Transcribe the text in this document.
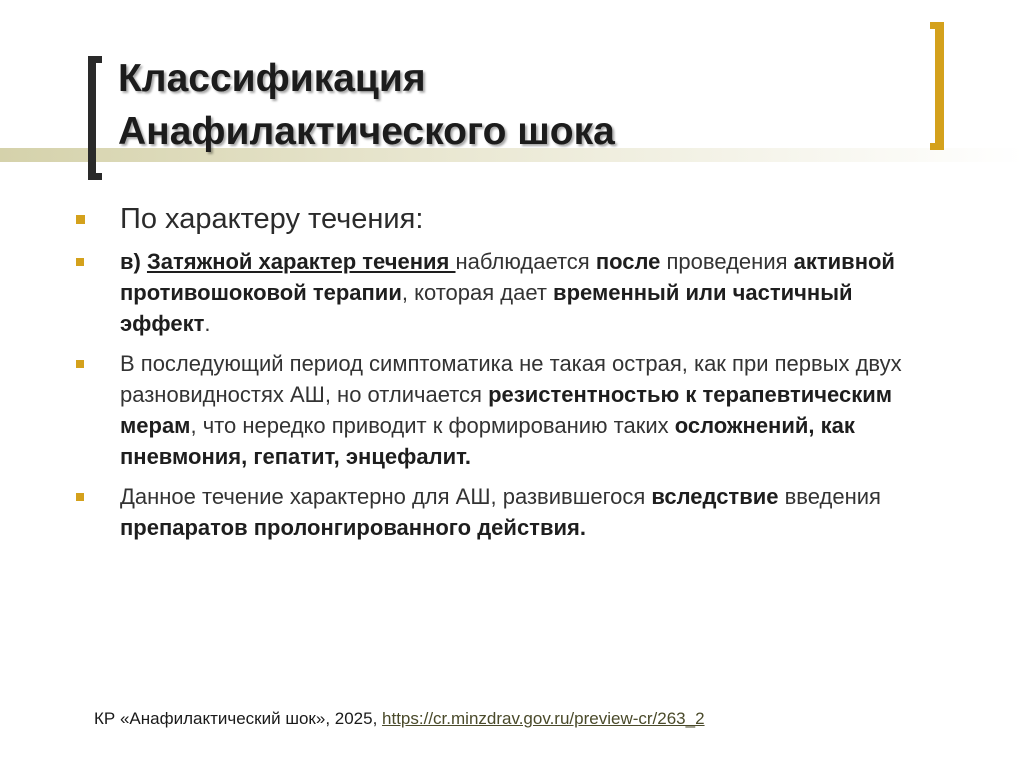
Классификация
Анафилактического шока
По характеру течения:
в) Затяжной характер течения наблюдается после проведения активной противошоковой терапии, которая дает временный или частичный эффект.
В последующий период симптоматика не такая острая, как при первых двух разновидностях АШ, но отличается резистентностью к терапевтическим мерам, что нередко приводит к формированию таких осложнений, как пневмония, гепатит, энцефалит.
Данное течение характерно для АШ, развившегося вследствие введения препаратов пролонгированного действия.
КР «Анафилактический шок», 2025, https://cr.minzdrav.gov.ru/preview-cr/263_2
